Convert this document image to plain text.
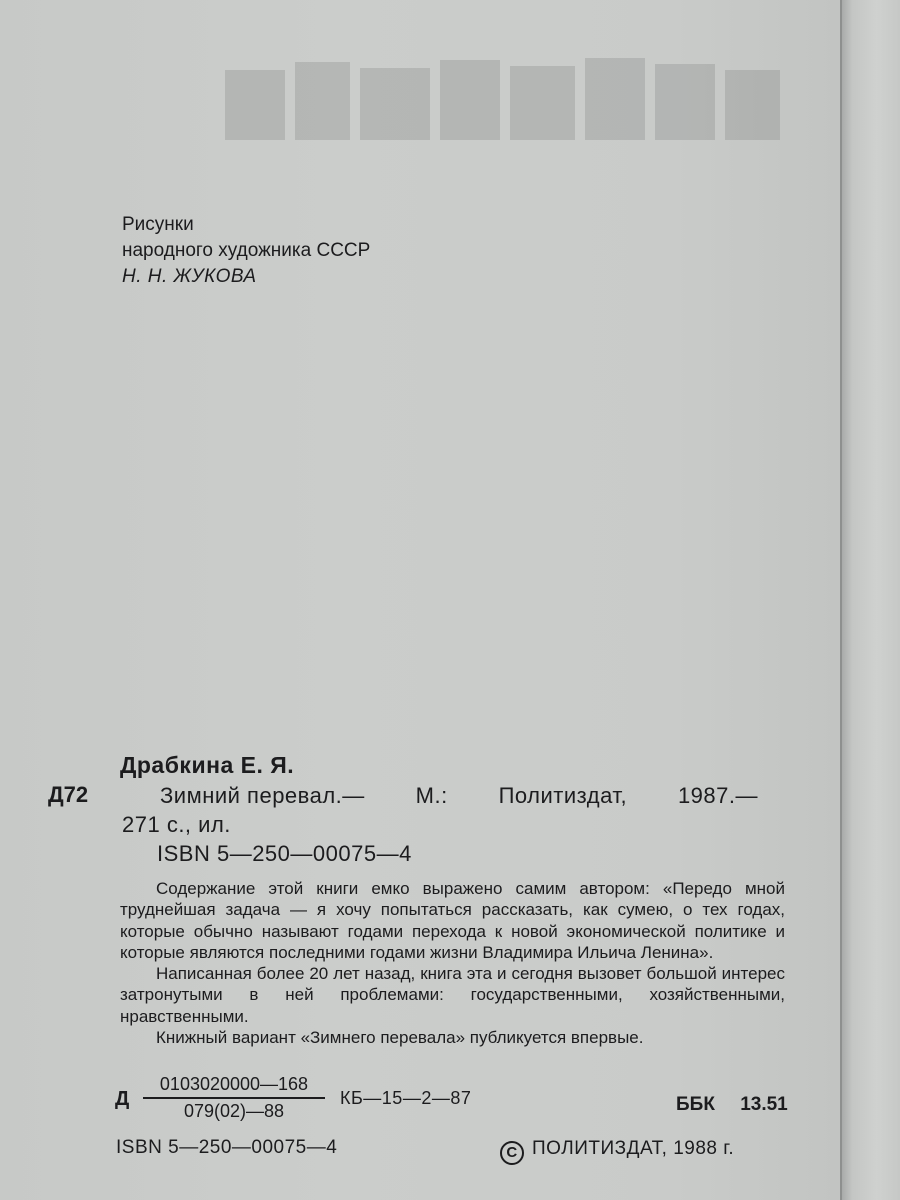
Рисунки
народного художника СССР
Н. Н. ЖУКОВА
Драбкина Е. Я.
Д72	Зимний перевал.— М.: Политиздат, 1987.—
271 с., ил.
ISBN 5—250—00075—4

Содержание этой книги емко выражено самим автором: «Передо мной труднейшая задача — я хочу попытаться рассказать, как сумею, о тех годах, которые обычно называют годами перехода к новой экономической политике и которые являются последними годами жизни Владимира Ильича Ленина».

Написанная более 20 лет назад, книга эта и сегодня вызовет большой интерес затронутыми в ней проблемами: государственными, хозяйственными, нравственными.

Книжный вариант «Зимнего перевала» публикуется впервые.

Д $\frac{0103020000—168}{079(02)—88}$ КБ—15—2—87	ББК 13.51
ISBN 5—250—00075—4	C ПОЛИТИЗДАТ, 1988 г.
